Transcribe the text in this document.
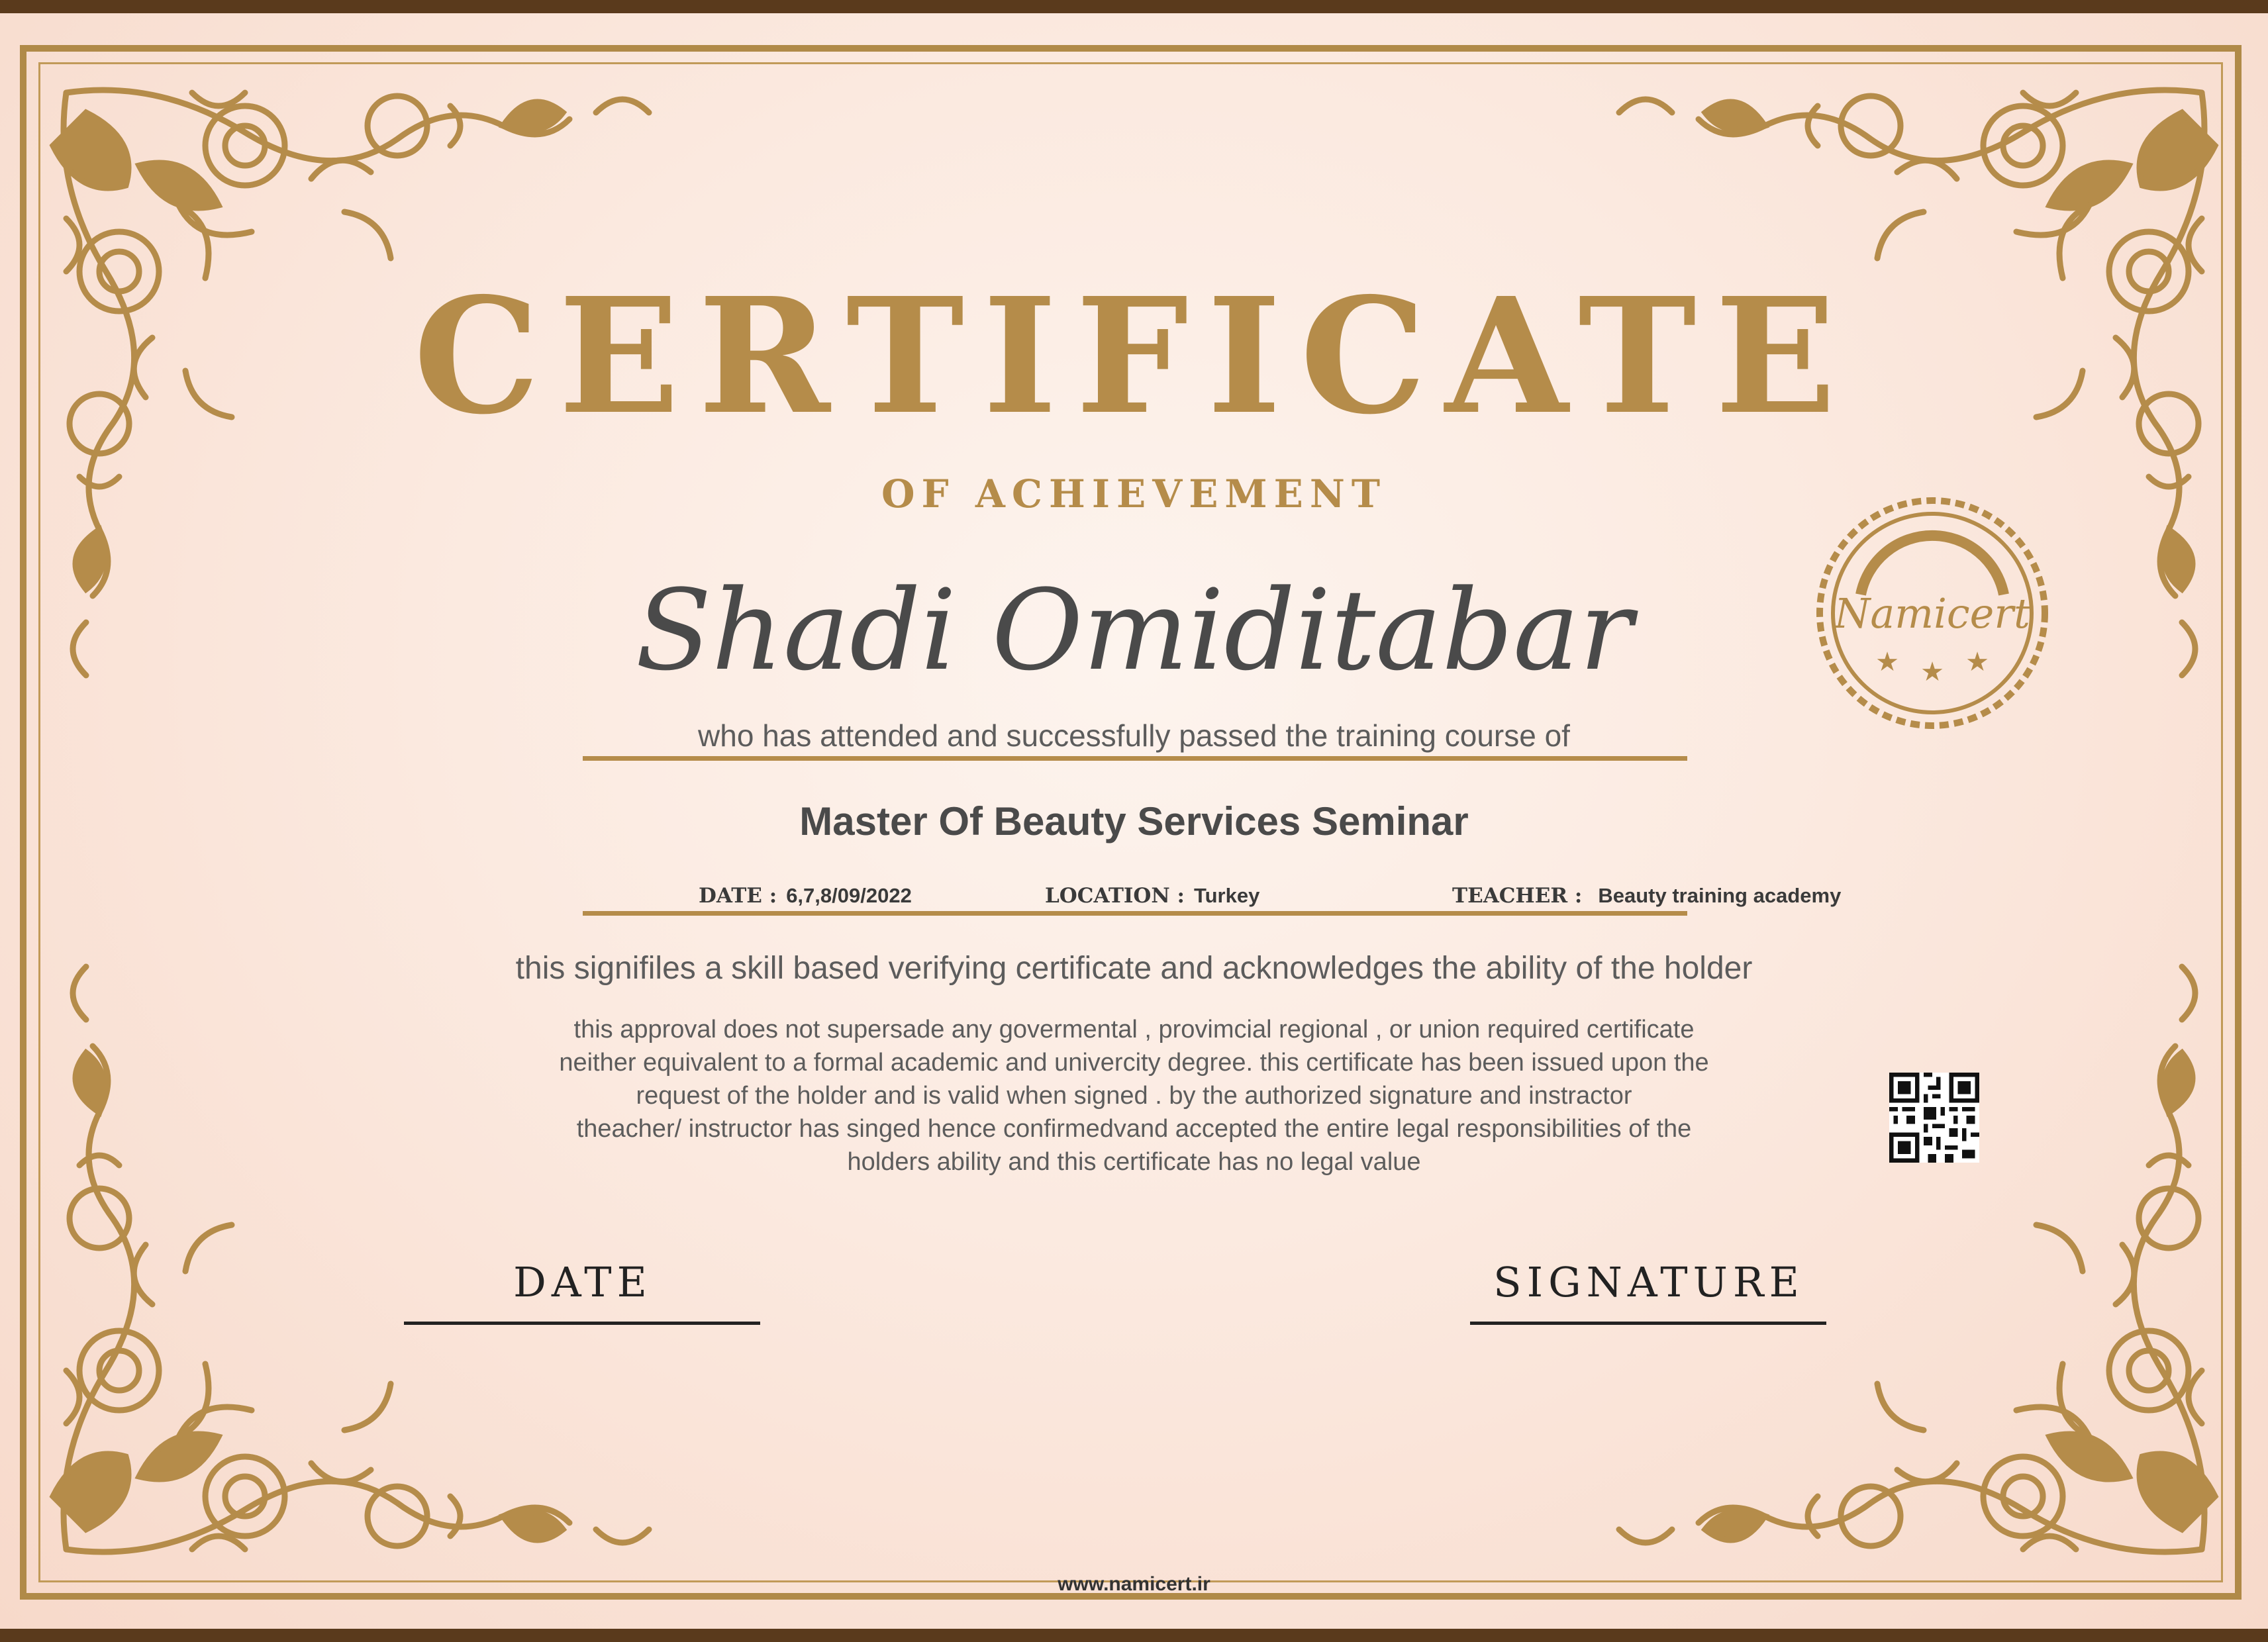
CERTIFICATE
OF ACHIEVEMENT
Shadi Omiditabar
who has attended and successfully passed the training course of
Master Of Beauty Services Seminar
DATE : 6,7,8/09/2022	LOCATION : Turkey	TEACHER : Beauty training academy
this signifiles a skill based verifying certificate and acknowledges the ability of the holder
this approval does not supersade any govermental , provimcial regional , or union required certificate
neither equivalent to a formal academic and univercity degree. this certificate has been issued upon the
request of the holder and is valid when signed . by the authorized signature and instractor
theacher/ instructor has singed hence confirmedvand accepted the entire legal responsibilities of the
holders ability and this certificate has no legal value
Namicert
★ ★ ★
DATE	SIGNATURE
www.namicert.ir
